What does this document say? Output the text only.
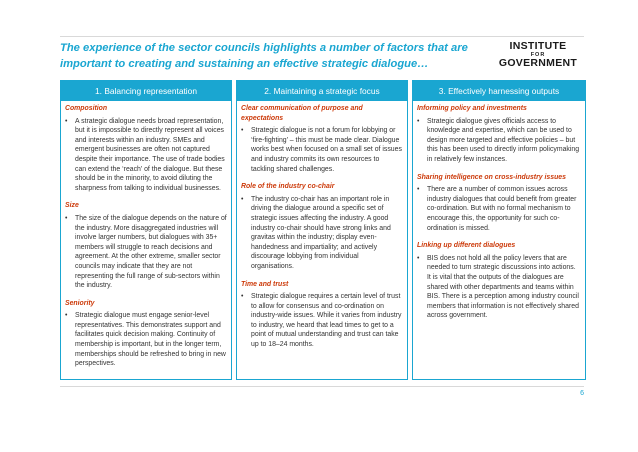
The experience of the sector councils highlights a number of factors that are important to creating and sustaining an effective strategic dialogue…
INSTITUTE
FOR
GOVERNMENT
1. Balancing representation

Composition

•	A strategic dialogue needs broad representation, but it is impossible to directly represent all voices and interests within an industry. SMEs and emergent businesses are often not captured despite their importance. The use of trade bodies can extend the ‘reach’ of the dialogue. But these should be in the minority, to avoid diluting the sharpness from talking to individual businesses.

Size

•	The size of the dialogue depends on the nature of the industry. More disaggregated industries will involve larger numbers, but dialogues with 35+ members will struggle to reach decisions and agreement. At the other extreme, smaller sector councils may indicate that they are not representing the full range of sub-sectors within the industry.

Seniority

•	Strategic dialogue must engage senior-level representatives. This demonstrates support and facilitates quick decision making. Continuity of membership is important, but in the longer term, memberships should be refreshed to bring in new perspectives.
2. Maintaining a strategic focus

Clear communication of purpose and expectations

•	Strategic dialogue is not a forum for lobbying or ‘fire-fighting’ – this must be made clear. Dialogue works best when focused on a small set of issues and industry commits its own resources to tackling shared challenges.

Role of the industry co-chair

•	The industry co-chair has an important role in driving the dialogue around a specific set of strategic issues affecting the industry. A good industry co-chair should have strong links and gravitas within the industry; display even-handedness and impartiality; and actively discourage lobbying from individual organisations.

Time and trust

•	Strategic dialogue requires a certain level of trust to allow for consensus and co-ordination on industry-wide issues. While it varies from industry to industry, we heard that lead times to get to a point of mutual understanding and trust can take up to 18–24 months.
3. Effectively harnessing outputs

Informing policy and investments

•	Strategic dialogue gives officials access to knowledge and expertise, which can be used to design more targeted and effective policies – but this has been used to directly inform policymaking in relatively few instances.

Sharing intelligence on cross-industry issues

•	There are a number of common issues across industry dialogues that could benefit from greater co-ordination. But with no formal mechanism to encourage this, the opportunity for such co-ordination is missed.

Linking up different dialogues

•	BIS does not hold all the policy levers that are needed to turn strategic discussions into actions. It is vital that the outputs of the dialogues are shared with other departments and teams within BIS. There is a perception among industry council members that information is not effectively shared across government.
6
